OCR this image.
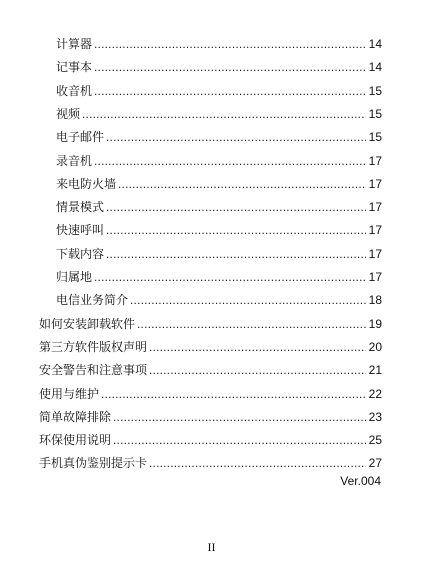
计算器 .....	14
记事本 .....	14
收音机 .....	15
视频 .....	15
电子邮件 .....	15
录音机 .....	17
来电防火墙 .....	17
情景模式 .....	17
快速呼叫 .....	17
下载内容 .....	17
归属地 .....	17
电信业务简介 .....	18
如何安装卸载软件 .....	19
第三方软件版权声明 .....	20
安全警告和注意事项 .....	21
使用与维护 .....	22
简单故障排除 .....	23
环保使用说明 .....	25
手机真伪鉴别提示卡 .....	27
Ver.004
II
